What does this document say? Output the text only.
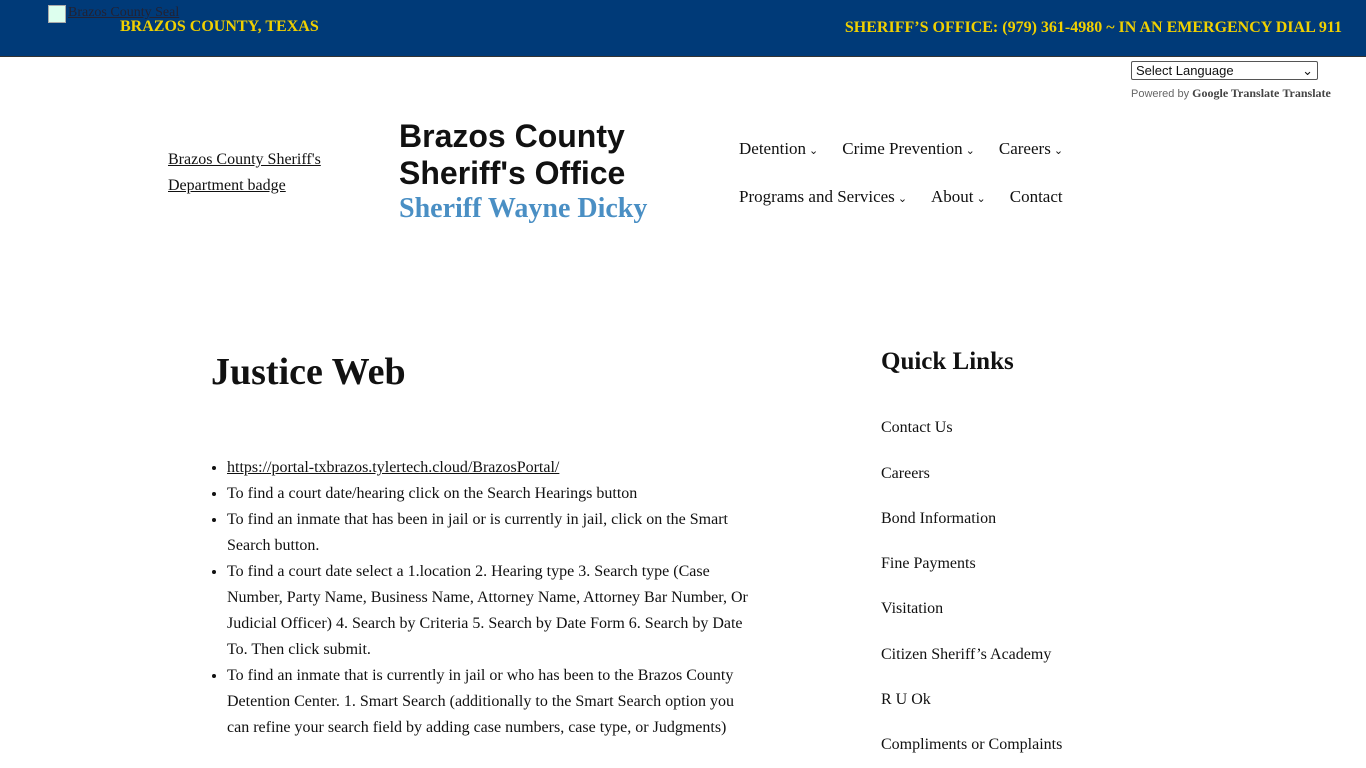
Brazos County Seal
BRAZOS COUNTY, TEXAS	SHERIFF’S OFFICE: (979) 361-4980 ~ IN AN EMERGENCY DIAL 911
Select Language	⌄
Powered by Google Translate Translate
Brazos County Sheriff's Department badge
Brazos County Sheriff's Office
Sheriff Wayne Dicky
Detention ⌄ Crime Prevention ⌄ Careers ⌄
Programs and Services ⌄ About ⌄ Contact
Justice Web
• https://portal-txbrazos.tylertech.cloud/BrazosPortal/
• To find a court date/hearing click on the Search Hearings button
• To find an inmate that has been in jail or is currently in jail, click on the Smart Search button.
• To find a court date select a 1.location 2. Hearing type 3. Search type (Case Number, Party Name, Business Name, Attorney Name, Attorney Bar Number, Or Judicial Officer) 4. Search by Criteria 5. Search by Date Form 6. Search by Date To. Then click submit.
• To find an inmate that is currently in jail or who has been to the Brazos County Detention Center. 1. Smart Search (additionally to the Smart Search option you can refine your search field by adding case numbers, case type, or Judgments)
Quick Links
Contact Us
Careers
Bond Information
Fine Payments
Visitation
Citizen Sheriff’s Academy
R U Ok
Compliments or Complaints
